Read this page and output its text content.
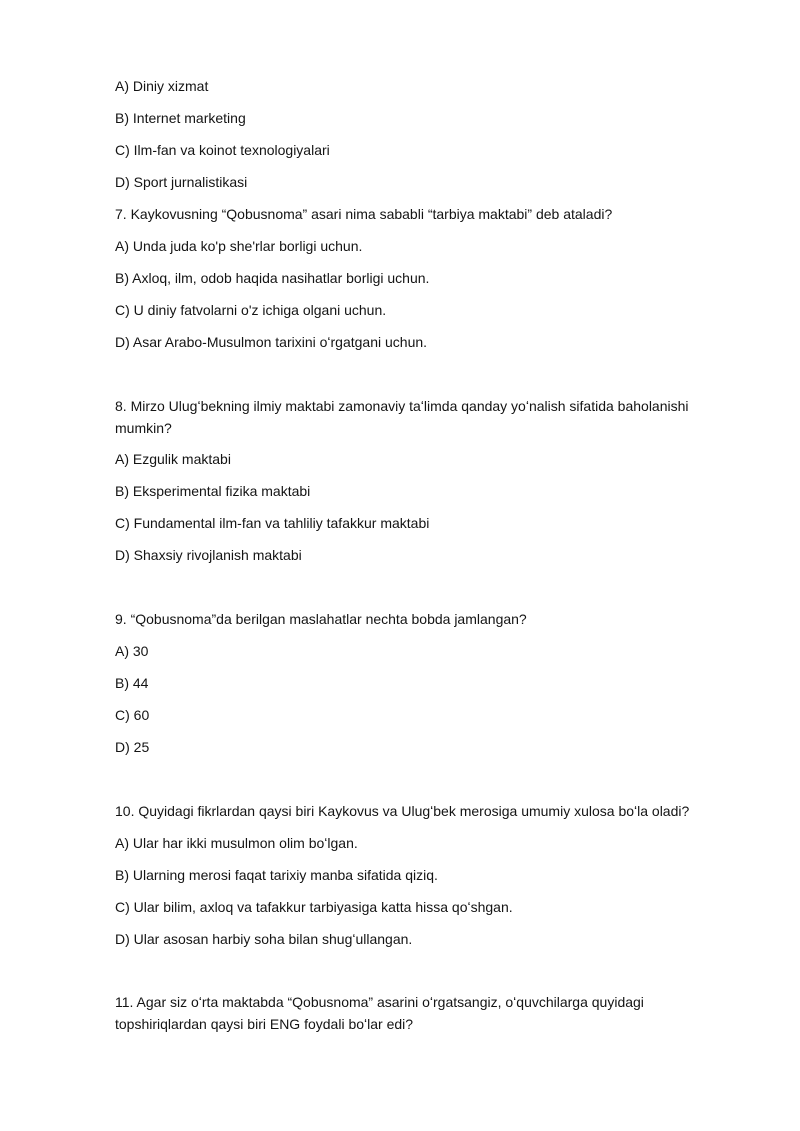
A) Diniy xizmat
B) Internet marketing
C) Ilm-fan va koinot texnologiyalari
D) Sport jurnalistikasi
7. Kaykovusning “Qobusnoma” asari nima sababli “tarbiya maktabi” deb ataladi?
A) Unda juda ko'p she'rlar borligi uchun.
B) Axloq, ilm, odob haqida nasihatlar borligi uchun.
C) U diniy fatvolarni o'z ichiga olgani uchun.
D) Asar Arabo-Musulmon tarixini oʻrgatgani uchun.
8. Mirzo Ulugʻbekning ilmiy maktabi zamonaviy taʻlimda qanday yoʻnalish sifatida baholanishi mumkin?
A) Ezgulik maktabi
B) Eksperimental fizika maktabi
C) Fundamental ilm-fan va tahliliy tafakkur maktabi
D) Shaxsiy rivojlanish maktabi
9. “Qobusnoma”da berilgan maslahatlar nechta bobda jamlangan?
A) 30
B) 44
C) 60
D) 25
10. Quyidagi fikrlardan qaysi biri Kaykovus va Ulugʻbek merosiga umumiy xulosa boʻla oladi?
A) Ular har ikki musulmon olim boʻlgan.
B) Ularning merosi faqat tarixiy manba sifatida qiziq.
C) Ular bilim, axloq va tafakkur tarbiyasiga katta hissa qoʻshgan.
D) Ular asosan harbiy soha bilan shugʻullangan.
11. Agar siz oʻrta maktabda “Qobusnoma” asarini oʻrgatsangiz, oʻquvchilarga quyidagi topshiriqlardan qaysi biri ENG foydali boʻlar edi?
